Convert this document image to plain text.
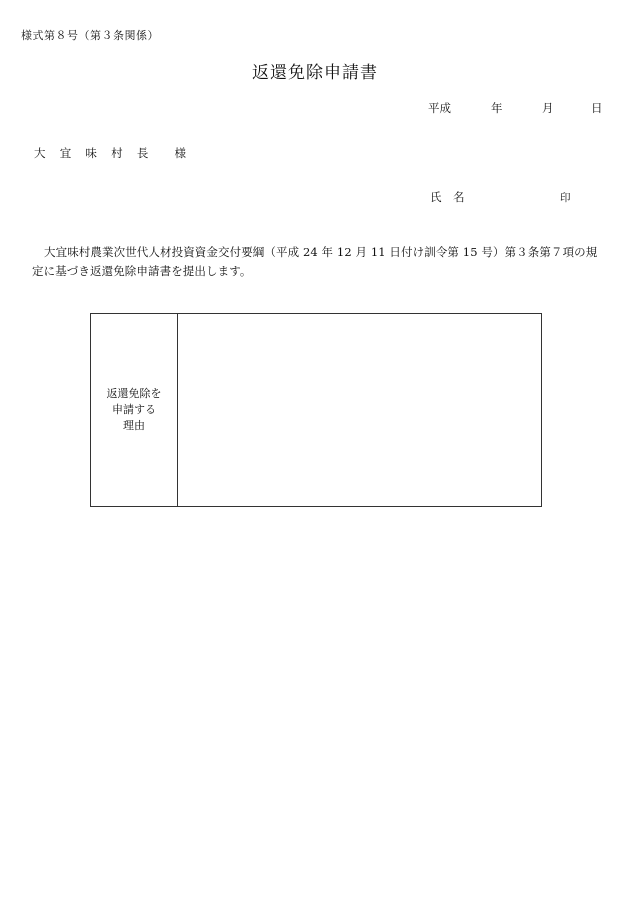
様式第８号（第３条関係）
返還免除申請書
平成	年	月	日
大 宜 味 村 長 様
氏　名	印

大宜味村農業次世代人材投資資金交付要綱（平成 24 年 12 月 11 日付け訓令第 15 号）第３条第７項の規定に基づき返還免除申請書を提出します。

返還免除を
申請する
理由
